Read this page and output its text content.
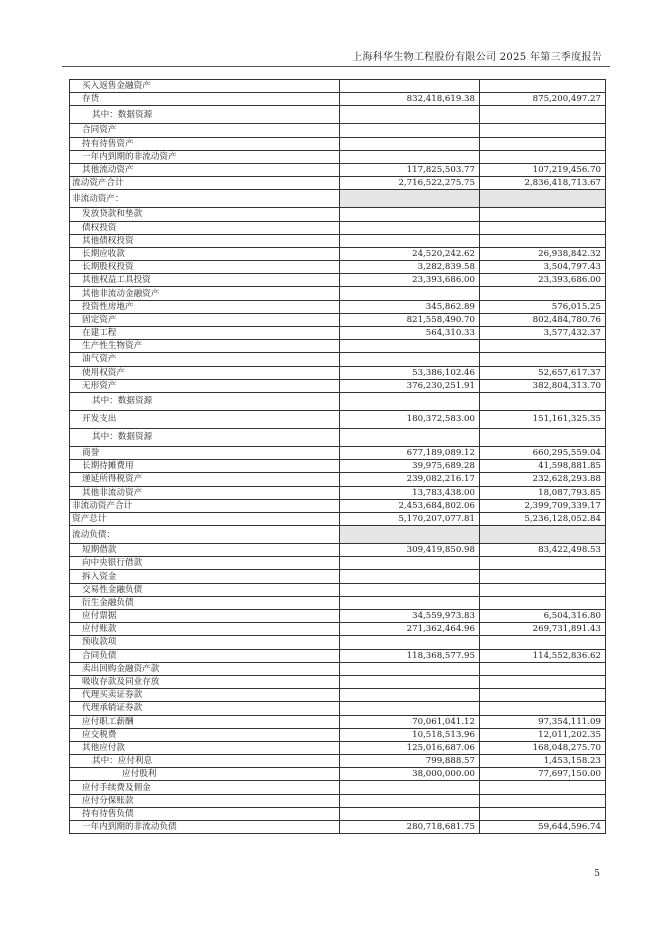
上海科华生物工程股份有限公司 2025 年第三季度报告
买入返售金融资产		
存货	832,418,619.38	875,200,497.27
其中：数据资源		
合同资产		
持有待售资产		
一年内到期的非流动资产		
其他流动资产	117,825,503.77	107,219,456.70
流动资产合计	2,716,522,275.75	2,836,418,713.67
非流动资产：		
发放贷款和垫款		
债权投资		
其他债权投资		
长期应收款	24,520,242.62	26,938,842.32
长期股权投资	3,282,839.58	3,504,797.43
其他权益工具投资	23,393,686.00	23,393,686.00
其他非流动金融资产		
投资性房地产	345,862.89	576,015.25
固定资产	821,558,490.70	802,484,780.76
在建工程	564,310.33	3,577,432.37
生产性生物资产		
油气资产		
使用权资产	53,386,102.46	52,657,617.37
无形资产	376,230,251.91	382,804,313.70
其中：数据资源		
开发支出	180,372,583.00	151,161,325.35
其中：数据资源		
商誉	677,189,089.12	660,295,559.04
长期待摊费用	39,975,689.28	41,598,881.85
递延所得税资产	239,082,216.17	232,628,293.88
其他非流动资产	13,783,438.00	18,087,793.85
非流动资产合计	2,453,684,802.06	2,399,709,339.17
资产总计	5,170,207,077.81	5,236,128,052.84
流动负债：		
短期借款	309,419,850.98	83,422,498.53
向中央银行借款		
拆入资金		
交易性金融负债		
衍生金融负债		
应付票据	34,559,973.83	6,504,316.80
应付账款	271,362,464.96	269,731,891.43
预收款项		
合同负债	118,368,577.95	114,552,836.62
卖出回购金融资产款		
吸收存款及同业存放		
代理买卖证券款		
代理承销证券款		
应付职工薪酬	70,061,041.12	97,354,111.09
应交税费	10,518,513.96	12,011,202.35
其他应付款	125,016,687.06	168,048,275.70
其中：应付利息	799,888.57	1,453,158.23
应付股利	38,000,000.00	77,697,150.00
应付手续费及佣金		
应付分保账款		
持有待售负债		
一年内到期的非流动负债	280,718,681.75	59,644,596.74
5
